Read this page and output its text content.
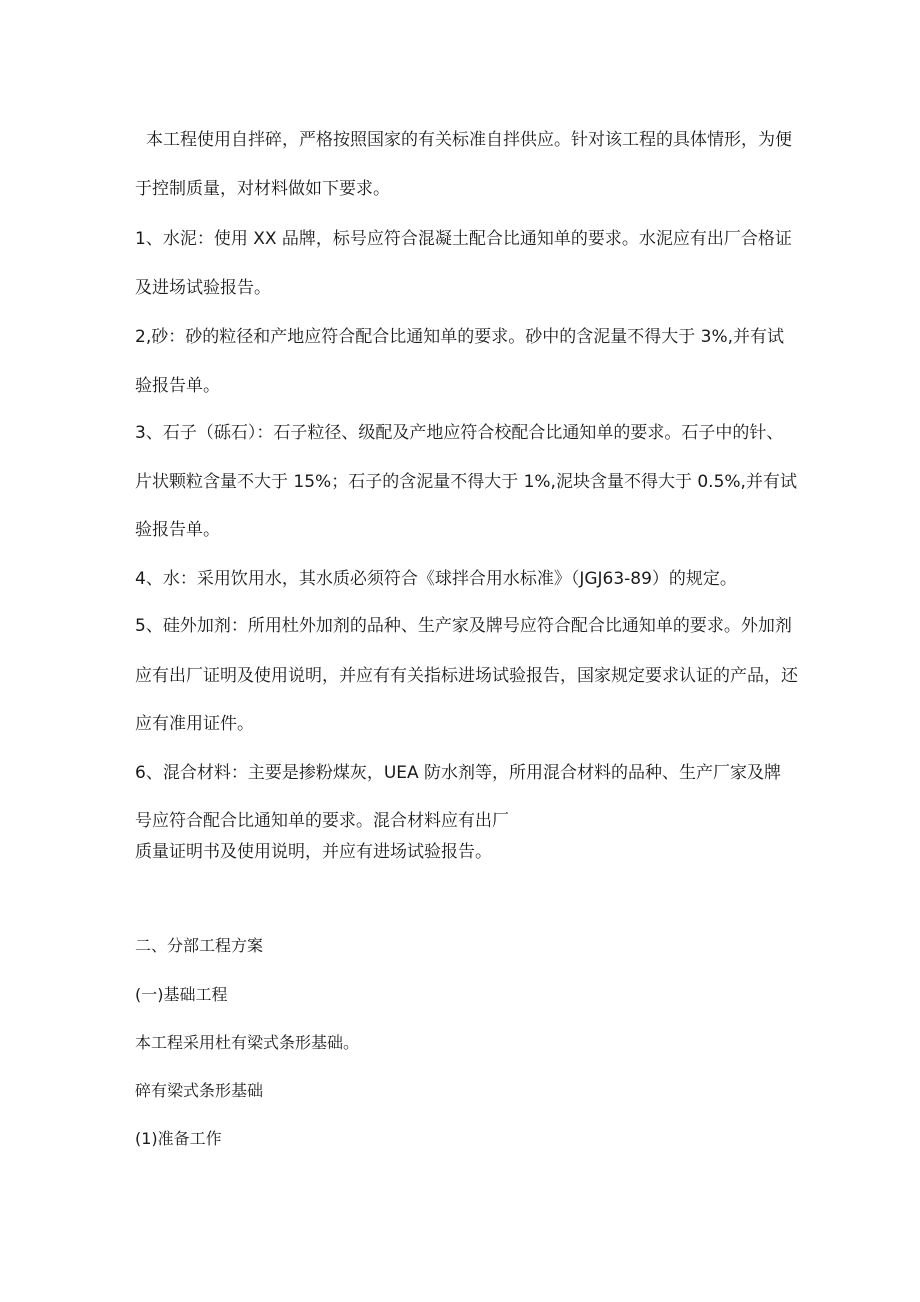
本工程使用自拌碎，严格按照国家的有关标准自拌供应。针对该工程的具体情形，为便
于控制质量，对材料做如下要求。
1、水泥：使用 XX 品牌，标号应符合混凝土配合比通知单的要求。水泥应有出厂合格证
及进场试验报告。
2,砂：砂的粒径和产地应符合配合比通知单的要求。砂中的含泥量不得大于 3%,并有试
验报告单。
3、石子（砾石）：石子粒径、级配及产地应符合校配合比通知单的要求。石子中的针、
片状颗粒含量不大于 15%；石子的含泥量不得大于 1%,泥块含量不得大于 0.5%,并有试
验报告单。
4、水：采用饮用水，其水质必须符合《球拌合用水标准》（JGJ63-89）的规定。
5、硅外加剂：所用杜外加剂的品种、生产家及牌号应符合配合比通知单的要求。外加剂
应有出厂证明及使用说明，并应有有关指标进场试验报告，国家规定要求认证的产品，还
应有准用证件。
6、混合材料：主要是掺粉煤灰，UEA 防水剂等，所用混合材料的品种、生产厂家及牌
号应符合配合比通知单的要求。混合材料应有出厂
质量证明书及使用说明，并应有进场试验报告。
二、分部工程方案
(一)基础工程
本工程采用杜有梁式条形基础。
碎有梁式条形基础
(1)准备工作
